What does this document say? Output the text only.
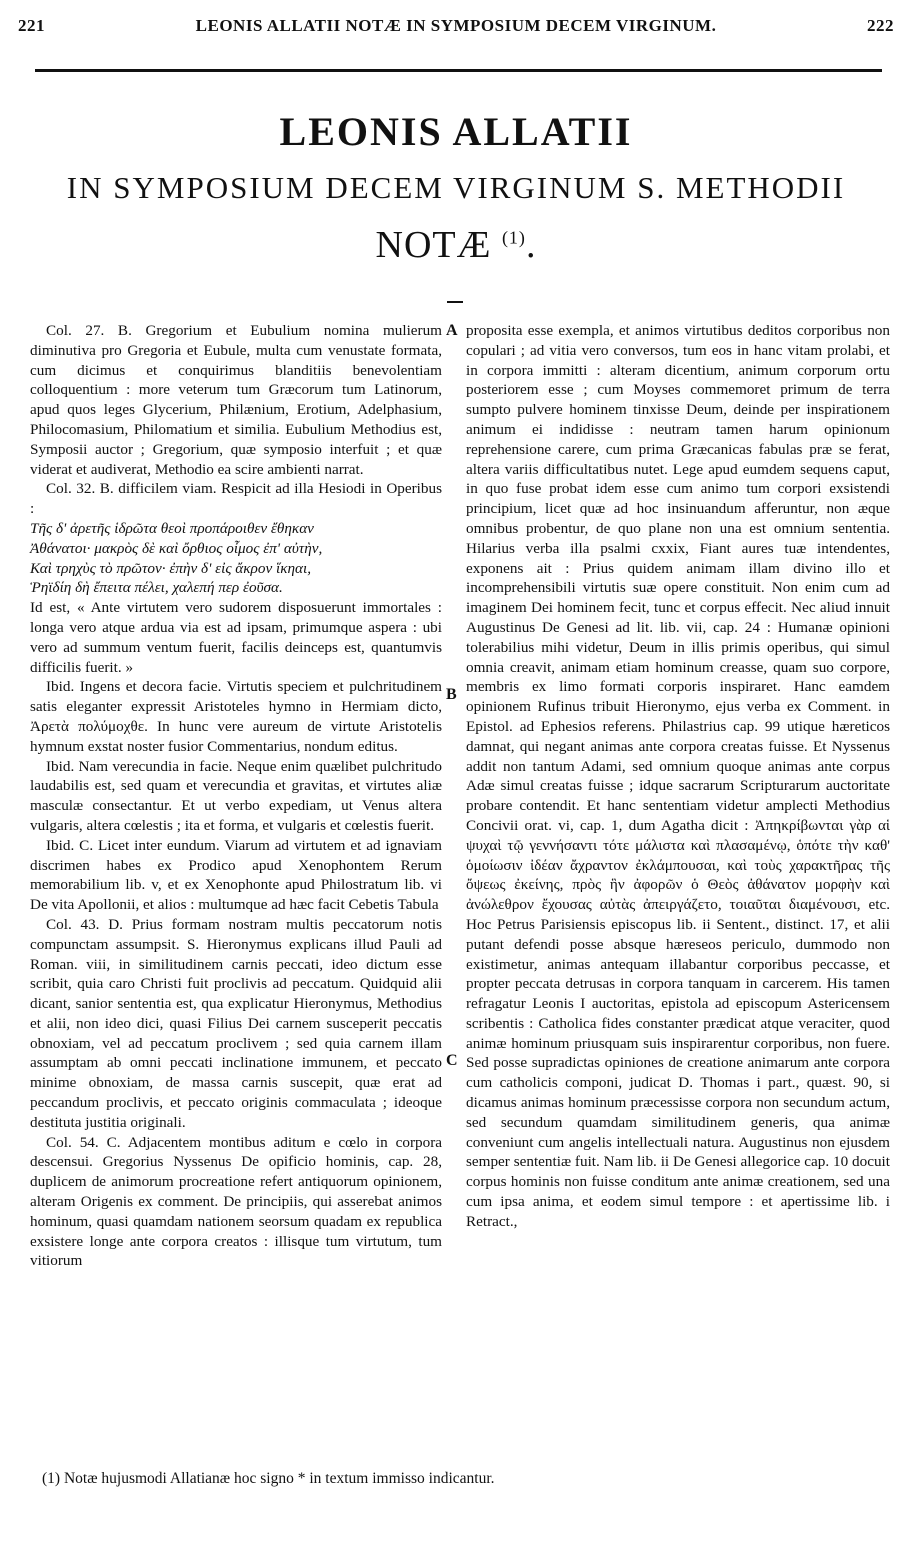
221	LEONIS ALLATII NOTÆ IN SYMPOSIUM DECEM VIRGINUM.	222
LEONIS ALLATII
IN SYMPOSIUM DECEM VIRGINUM S. METHODII
NOTÆ $^{(1)}$.
A
B
C

Col. 27. B. Gregorium et Eubulium nomina mulierum diminutiva pro Gregoria et Eubule, multa cum venustate formata, cum dicimus et conquirimus blanditiis benevolentiam colloquentium : more veterum tum Græcorum tum Latinorum, apud quos leges Glycerium, Philænium, Erotium, Adelphasium, Philocomasium, Philomatium et similia. Eubulium Methodius est, Symposii auctor ; Gregorium, quæ symposio interfuit ; et quæ viderat et audiverat, Methodio ea scire ambienti narrat.

Col. 32. B. difficilem viam. Respicit ad illa Hesiodi in Operibus :

Τῆς δ' ἀρετῆς ἱδρῶτα θεοὶ προπάροιθεν ἔθηκαν

Ἀθάνατοι· μακρὸς δὲ καὶ ὄρθιος οἶμος ἐπ' αὐτὴν,

Καὶ τρηχὺς τὸ πρῶτον· ἐπὴν δ' εἰς ἄκρον ἵκηαι,

Ῥηϊδίη δὴ ἔπειτα πέλει, χαλεπή περ ἐοῦσα.

Id est, « Ante virtutem vero sudorem disposuerunt immortales : longa vero atque ardua via est ad ipsam, primumque aspera : ubi vero ad summum ventum fuerit, facilis deinceps est, quantumvis difficilis fuerit. »

Ibid. Ingens et decora facie. Virtutis speciem et pulchritudinem satis eleganter expressit Aristoteles hymno in Hermiam dicto, Ἀρετὰ πολύμοχθε. In hunc vere aureum de virtute Aristotelis hymnum exstat noster fusior Commentarius, nondum editus.

Ibid. Nam verecundia in facie. Neque enim quælibet pulchritudo laudabilis est, sed quam et verecundia et gravitas, et virtutes aliæ masculæ consectantur. Et ut verbo expediam, ut Venus altera vulgaris, altera cœlestis ; ita et forma, et vulgaris et cœlestis fuerit.

Ibid. C. Licet inter eundum. Viarum ad virtutem et ad ignaviam discrimen habes ex Prodico apud Xenophontem Rerum memorabilium lib. v, et ex Xenophonte apud Philostratum lib. vi De vita Apollonii, et alios : multumque ad hæc facit Cebetis Tabula

Col. 43. D. Prius formam nostram multis peccatorum notis compunctam assumpsit. S. Hieronymus explicans illud Pauli ad Roman. viii, in similitudinem carnis peccati, ideo dictum esse scribit, quia caro Christi fuit proclivis ad peccatum. Quidquid alii dicant, sanior sententia est, qua explicatur Hieronymus, Methodius et alii, non ideo dici, quasi Filius Dei carnem susceperit peccatis obnoxiam, vel ad peccatum proclivem ; sed quia carnem illam assumptam ab omni peccati inclinatione immunem, et peccato minime obnoxiam, de massa carnis suscepit, quæ erat ad peccandum proclivis, et peccato originis commaculata ; ideoque destituta justitia originali.

Col. 54. C. Adjacentem montibus aditum e cœlo in corpora descensui. Gregorius Nyssenus De opificio hominis, cap. 28, duplicem de animorum procreatione refert antiquorum opinionem, alteram Origenis ex comment. De principiis, qui asserebat animos hominum, quasi quamdam nationem seorsum quadam ex republica exsistere longe ante corpora creatos : illisque tum virtutum, tum vitiorum

proposita esse exempla, et animos virtutibus deditos corporibus non copulari ; ad vitia vero conversos, tum eos in hanc vitam prolabi, et in corpora immitti : alteram dicentium, animum corporum ortu posteriorem esse ; cum Moyses commemoret primum de terra sumpto pulvere hominem tinxisse Deum, deinde per inspirationem animum ei indidisse : neutram tamen harum opinionum reprehensione carere, cum prima Græcanicas fabulas præ se ferat, altera variis difficultatibus nutet. Lege apud eumdem sequens caput, in quo fuse probat idem esse cum animo tum corpori exsistendi principium, licet quæ ad hoc insinuandum afferuntur, non æque omnibus probentur, de quo plane non una est omnium sententia. Hilarius verba illa psalmi cxxix, Fiant aures tuæ intendentes, exponens ait : Prius quidem animam illam divino illo et incomprehensibili virtutis suæ opere constituit. Non enim cum ad imaginem Dei hominem fecit, tunc et corpus effecit. Nec aliud innuit Augustinus De Genesi ad lit. lib. vii, cap. 24 : Humanæ opinioni tolerabilius mihi videtur, Deum in illis primis operibus, qui simul omnia creavit, animam etiam hominum creasse, quam suo corpore, membris ex limo formati corporis inspiraret. Hanc eamdem opinionem Rufinus tribuit Hieronymo, ejus verba ex Comment. in Epistol. ad Ephesios referens. Philastrius cap. 99 utique hæreticos damnat, qui negant animas ante corpora creatas fuisse. Et Nyssenus addit non tantum Adami, sed omnium quoque animas ante corpus Adæ simul creatas fuisse ; idque sacrarum Scripturarum auctoritate probare contendit. Et hanc sententiam videtur amplecti Methodius Concivii orat. vi, cap. 1, dum Agatha dicit : Ἀπηκρίβωνται γὰρ αἱ ψυχαὶ τῷ γεννήσαντι τότε μάλιστα καὶ πλασαμένῳ, ὁπότε τὴν καθ' ὁμοίωσιν ἰδέαν ἄχραντον ἐκλάμπουσαι, καὶ τοὺς χαρακτῆρας τῆς ὄψεως ἐκείνης, πρὸς ἣν ἀφορῶν ὁ Θεὸς ἀθάνατον μορφὴν καὶ ἀνώλεθρον ἔχουσας αὐτὰς ἀπειργάζετο, τοιαῦται διαμένουσι, etc. Hoc Petrus Parisiensis episcopus lib. ii Sentent., distinct. 17, et alii putant defendi posse absque hæreseos periculo, dummodo non existimetur, animas antequam illabantur corporibus peccasse, et propter peccata detrusas in corpora tanquam in carcerem. His tamen refragatur Leonis I auctoritas, epistola ad episcopum Astericensem scribentis : Catholica fides constanter prædicat atque veraciter, quod animæ hominum priusquam suis inspirarentur corporibus, non fuere. Sed posse supradictas opiniones de creatione animarum ante corpora cum catholicis componi, judicat D. Thomas i part., quæst. 90, si dicamus animas hominum præcessisse corpora non secundum actum, sed secundum quamdam similitudinem generis, qua animæ conveniunt cum angelis intellectuali natura. Augustinus non ejusdem semper sententiæ fuit. Nam lib. ii De Genesi allegorice cap. 10 docuit corpus hominis non fuisse conditum ante animæ creationem, sed una cum ipsa anima, et eodem simul tempore : et apertissime lib. i Retract.,

(1) Notæ hujusmodi Allatianæ hoc signo * in textum immisso indicantur.
